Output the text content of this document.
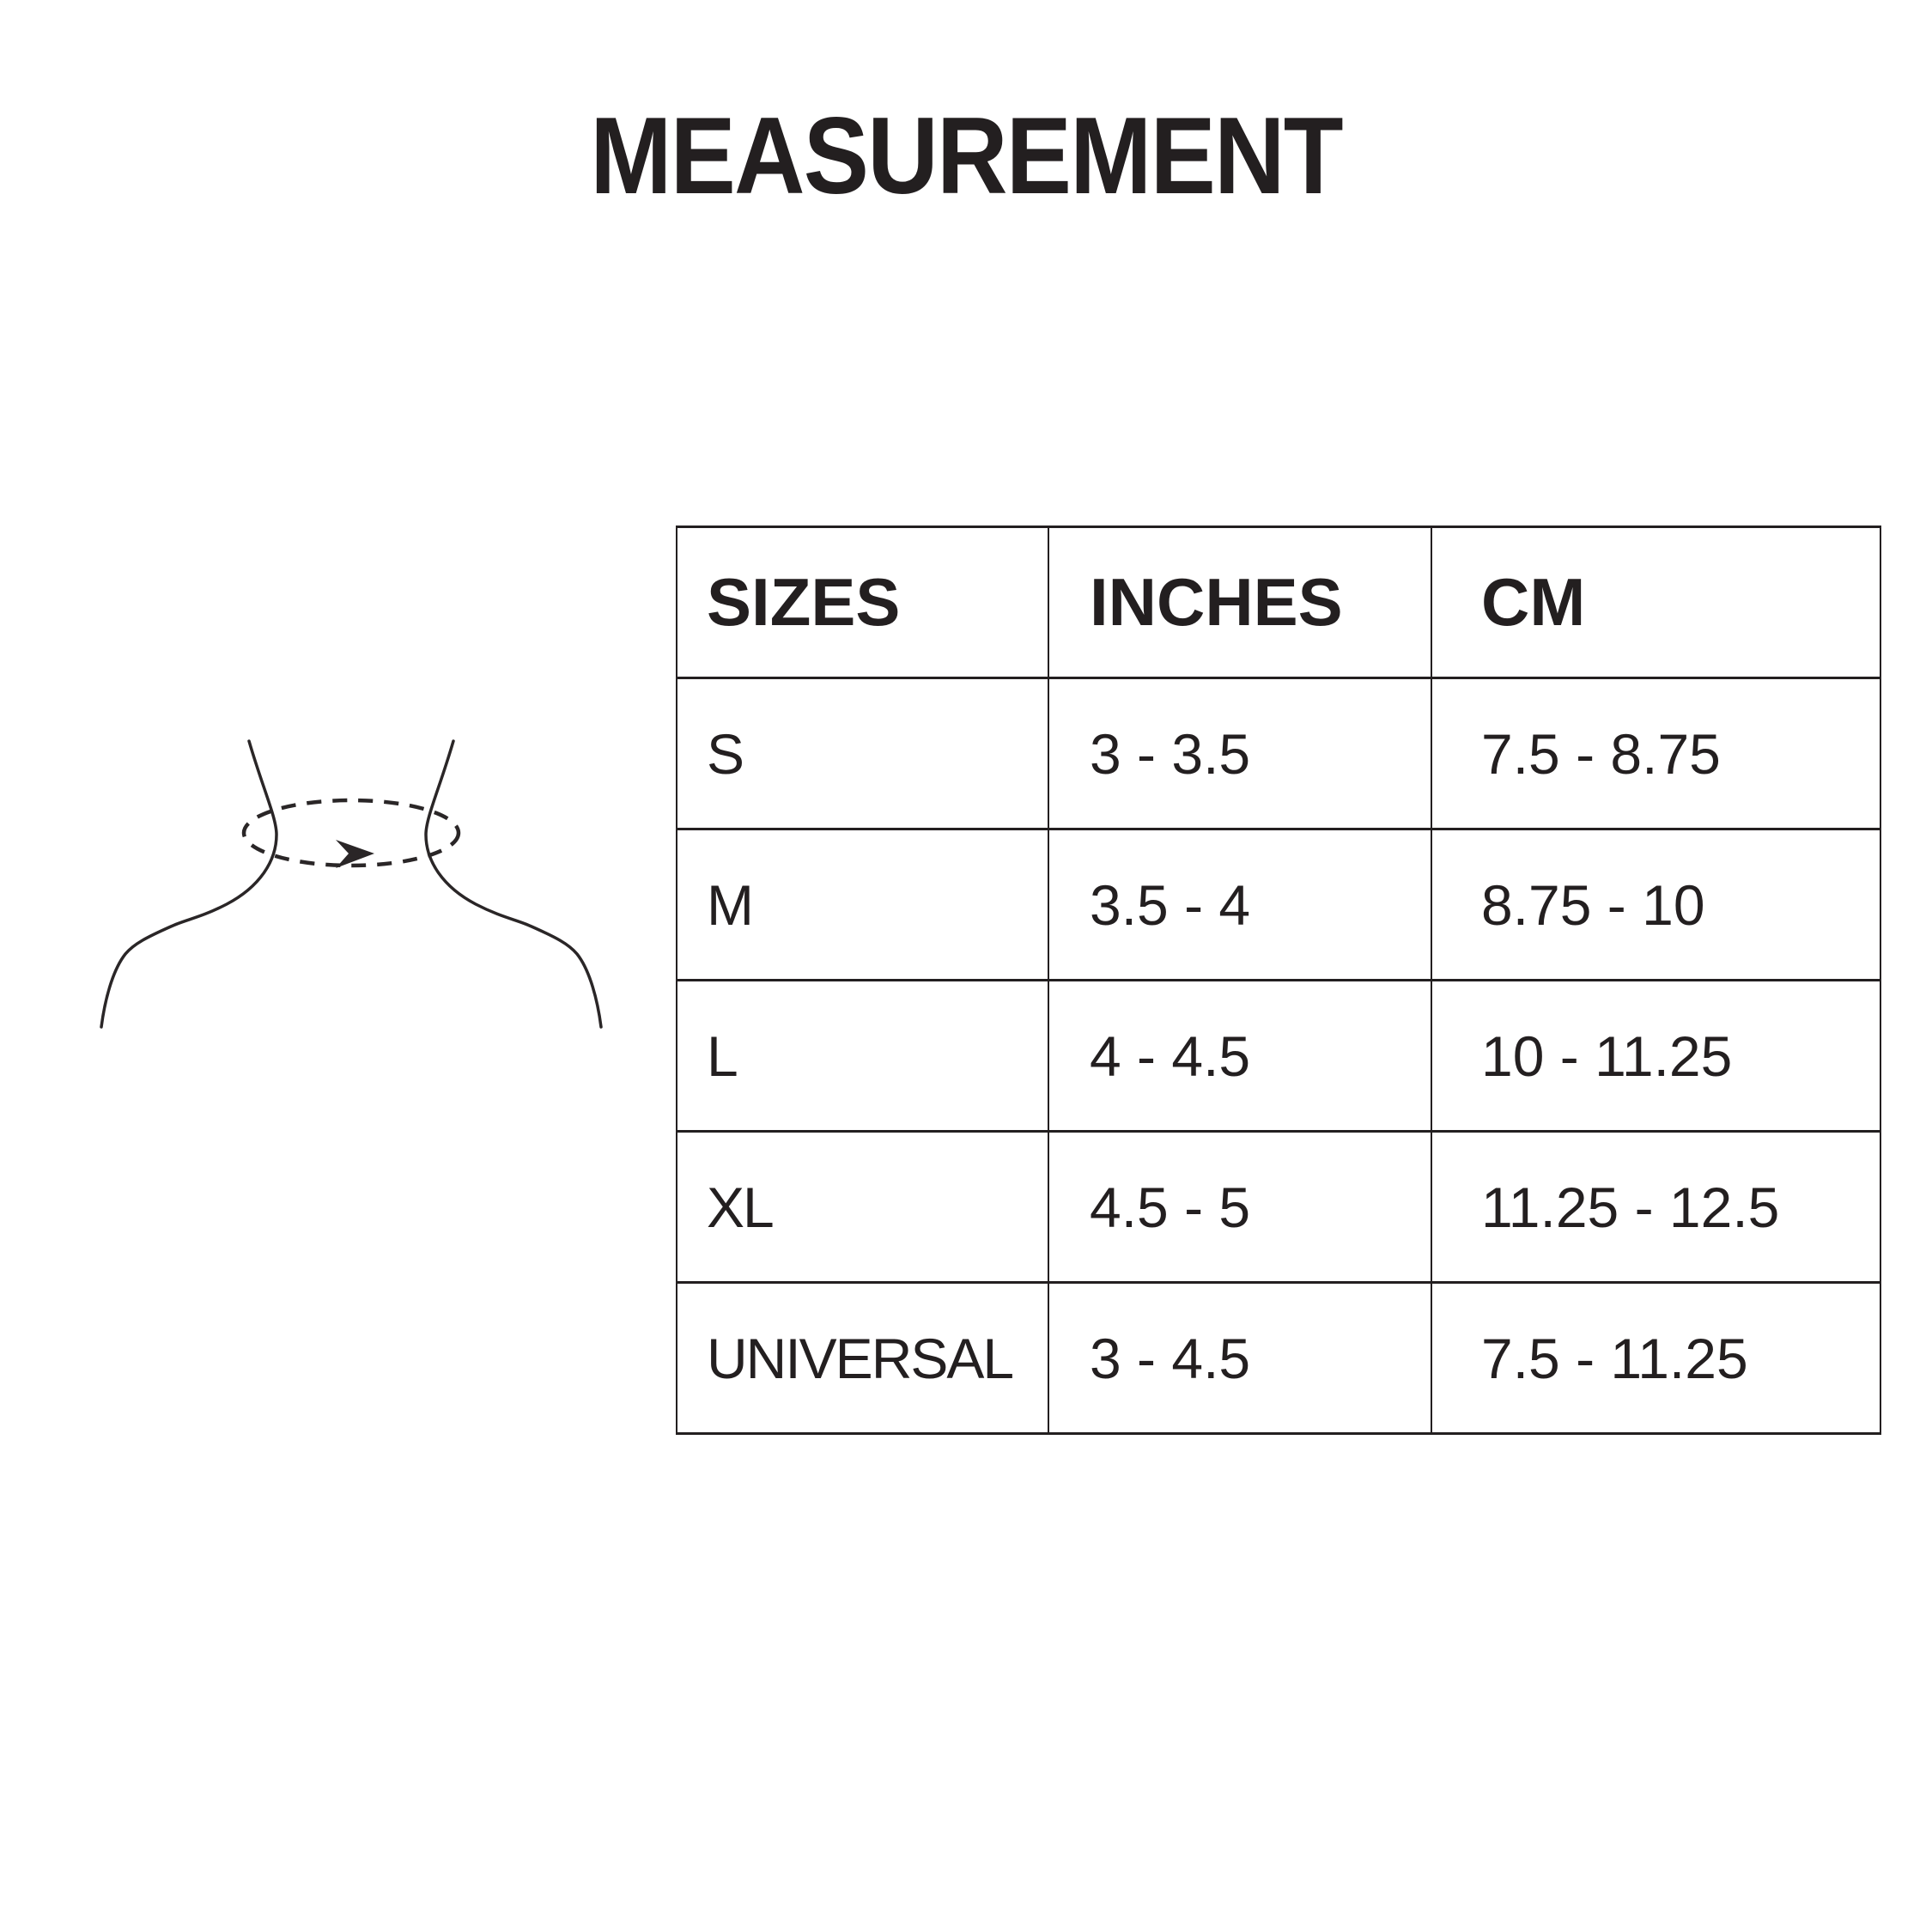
MEASUREMENT
SIZES	INCHES	CM
S	3 - 3.5	7.5 - 8.75
M	3.5 - 4	8.75 - 10
L	4 - 4.5	10 - 11.25
XL	4.5 - 5	11.25 - 12.5
UNIVERSAL	3 - 4.5	7.5 - 11.25
